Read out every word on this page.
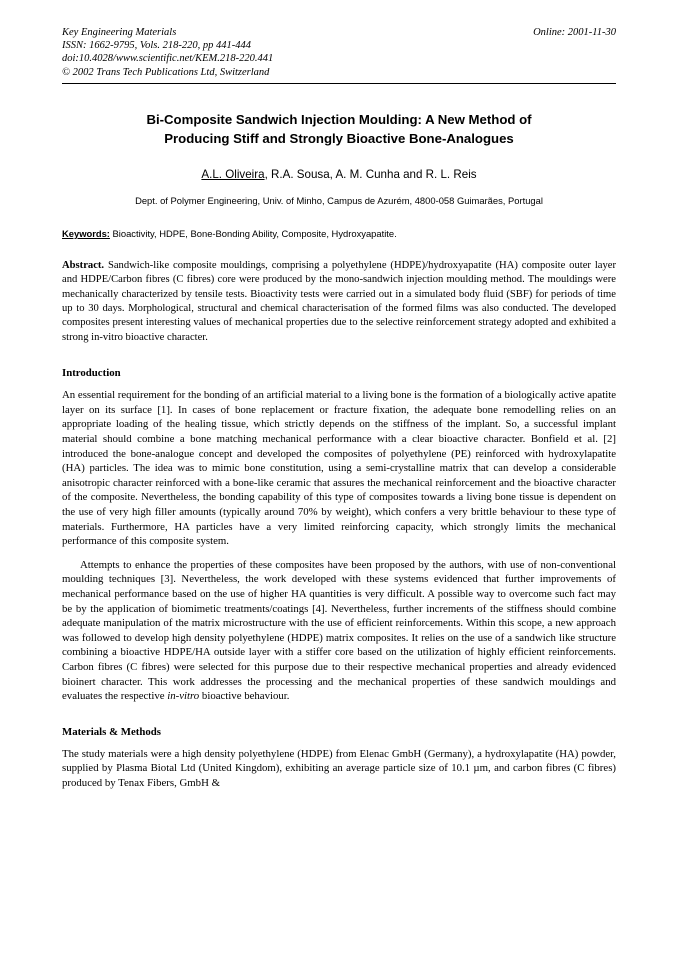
Key Engineering Materials
ISSN: 1662-9795, Vols. 218-220, pp 441-444
doi:10.4028/www.scientific.net/KEM.218-220.441
© 2002 Trans Tech Publications Ltd, Switzerland
Online: 2001-11-30
Bi-Composite Sandwich Injection Moulding: A New Method of
Producing Stiff and Strongly Bioactive Bone-Analogues
A.L. Oliveira, R.A. Sousa, A. M. Cunha and R. L. Reis
Dept. of Polymer Engineering, Univ. of Minho, Campus de Azurém, 4800-058 Guimarães, Portugal
Keywords: Bioactivity, HDPE, Bone-Bonding Ability, Composite, Hydroxyapatite.
Abstract. Sandwich-like composite mouldings, comprising a polyethylene (HDPE)/hydroxyapatite (HA) composite outer layer and HDPE/Carbon fibres (C fibres) core were produced by the mono-sandwich injection moulding method. The mouldings were mechanically characterized by tensile tests. Bioactivity tests were carried out in a simulated body fluid (SBF) for periods of time up to 30 days. Morphological, structural and chemical characterisation of the formed films was also conducted. The developed composites present interesting values of mechanical properties due to the selective reinforcement strategy adopted and exhibited a strong in-vitro bioactive character.
Introduction

An essential requirement for the bonding of an artificial material to a living bone is the formation of a biologically active apatite layer on its surface [1]. In cases of bone replacement or fracture fixation, the adequate bone remodelling relies on an appropriate loading of the healing tissue, which strictly depends on the stiffness of the implant. So, a successful implant material should combine a bone matching mechanical performance with a clear bioactive character. Bonfield et al. [2] introduced the bone-analogue concept and developed the composites of polyethylene (PE) reinforced with hydroxylapatite (HA) particles. The idea was to mimic bone constitution, using a semi-crystalline matrix that can develop a considerable anisotropic character reinforced with a bone-like ceramic that assures the mechanical reinforcement and the bioactive character of the composite. Nevertheless, the bonding capability of this type of composites towards a living bone tissue is dependent on the use of very high filler amounts (typically around 70% by weight), which confers a very brittle behaviour to these type of materials. Furthermore, HA particles have a very limited reinforcing capacity, which strongly limits the mechanical performance of this composite system.

Attempts to enhance the properties of these composites have been proposed by the authors, with use of non-conventional moulding techniques [3]. Nevertheless, the work developed with these systems evidenced that further improvements of mechanical performance based on the use of higher HA quantities is very difficult. A possible way to overcome such fact may be by the application of biomimetic treatments/coatings [4]. Nevertheless, further increments of the stiffness should combine adequate manipulation of the matrix microstructure with the use of efficient reinforcements. Within this scope, a new approach was followed to develop high density polyethylene (HDPE) matrix composites. It relies on the use of a sandwich like structure combining a bioactive HDPE/HA outside layer with a stiffer core based on the utilization of highly efficient reinforcements. Carbon fibres (C fibres) were selected for this purpose due to their respective mechanical properties and already evidenced bioinert character. This work addresses the processing and the mechanical properties of these sandwich mouldings and evaluates the respective in-vitro bioactive behaviour.

Materials & Methods

The study materials were a high density polyethylene (HDPE) from Elenac GmbH (Germany), a hydroxylapatite (HA) powder, supplied by Plasma Biotal Ltd (United Kingdom), exhibiting an average particle size of 10.1 µm, and carbon fibres (C fibres) produced by Tenax Fibers, GmbH &
